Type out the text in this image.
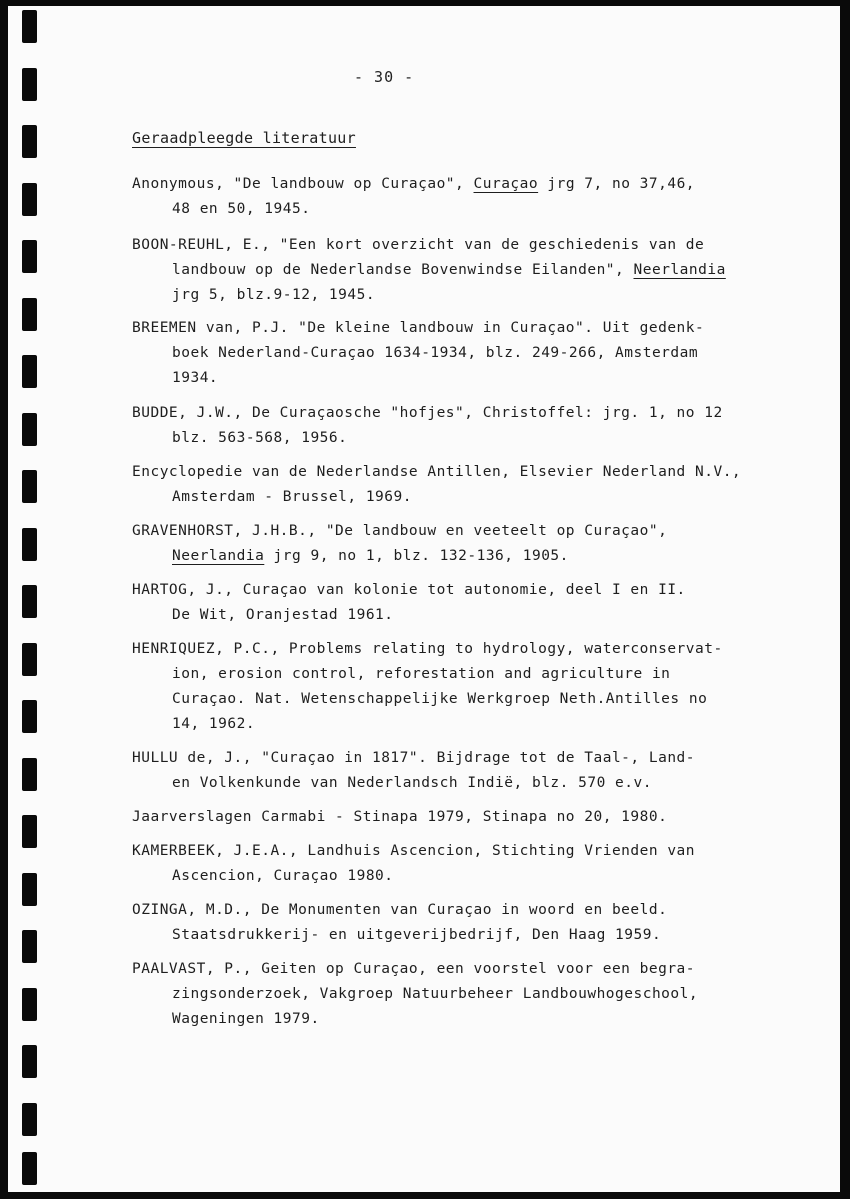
- 30 -
Geraadpleegde literatuur
Anonymous, "De landbouw op Curaçao", Curaçao jrg 7, no 37,46,
48 en 50, 1945.
BOON-REUHL, E., "Een kort overzicht van de geschiedenis van de
landbouw op de Nederlandse Bovenwindse Eilanden", Neerlandia
jrg 5, blz.9-12, 1945.
BREEMEN van, P.J. "De kleine landbouw in Curaçao". Uit gedenk-
boek Nederland-Curaçao 1634-1934, blz. 249-266, Amsterdam
1934.
BUDDE, J.W., De Curaçaosche "hofjes", Christoffel: jrg. 1, no 12
blz. 563-568, 1956.
Encyclopedie van de Nederlandse Antillen, Elsevier Nederland N.V.,
Amsterdam - Brussel, 1969.
GRAVENHORST, J.H.B., "De landbouw en veeteelt op Curaçao",
Neerlandia jrg 9, no 1, blz. 132-136, 1905.
HARTOG, J., Curaçao van kolonie tot autonomie, deel I en II.
De Wit, Oranjestad 1961.
HENRIQUEZ, P.C., Problems relating to hydrology, waterconservat-
ion, erosion control, reforestation and agriculture in
Curaçao. Nat. Wetenschappelijke Werkgroep Neth.Antilles no
14, 1962.
HULLU de, J., "Curaçao in 1817". Bijdrage tot de Taal-, Land-
en Volkenkunde van Nederlandsch Indië, blz. 570 e.v.
Jaarverslagen Carmabi - Stinapa 1979, Stinapa no 20, 1980.
KAMERBEEK, J.E.A., Landhuis Ascencion, Stichting Vrienden van
Ascencion, Curaçao 1980.
OZINGA, M.D., De Monumenten van Curaçao in woord en beeld.
Staatsdrukkerij- en uitgeverijbedrijf, Den Haag 1959.
PAALVAST, P., Geiten op Curaçao, een voorstel voor een begra-
zingsonderzoek, Vakgroep Natuurbeheer Landbouwhogeschool,
Wageningen 1979.
